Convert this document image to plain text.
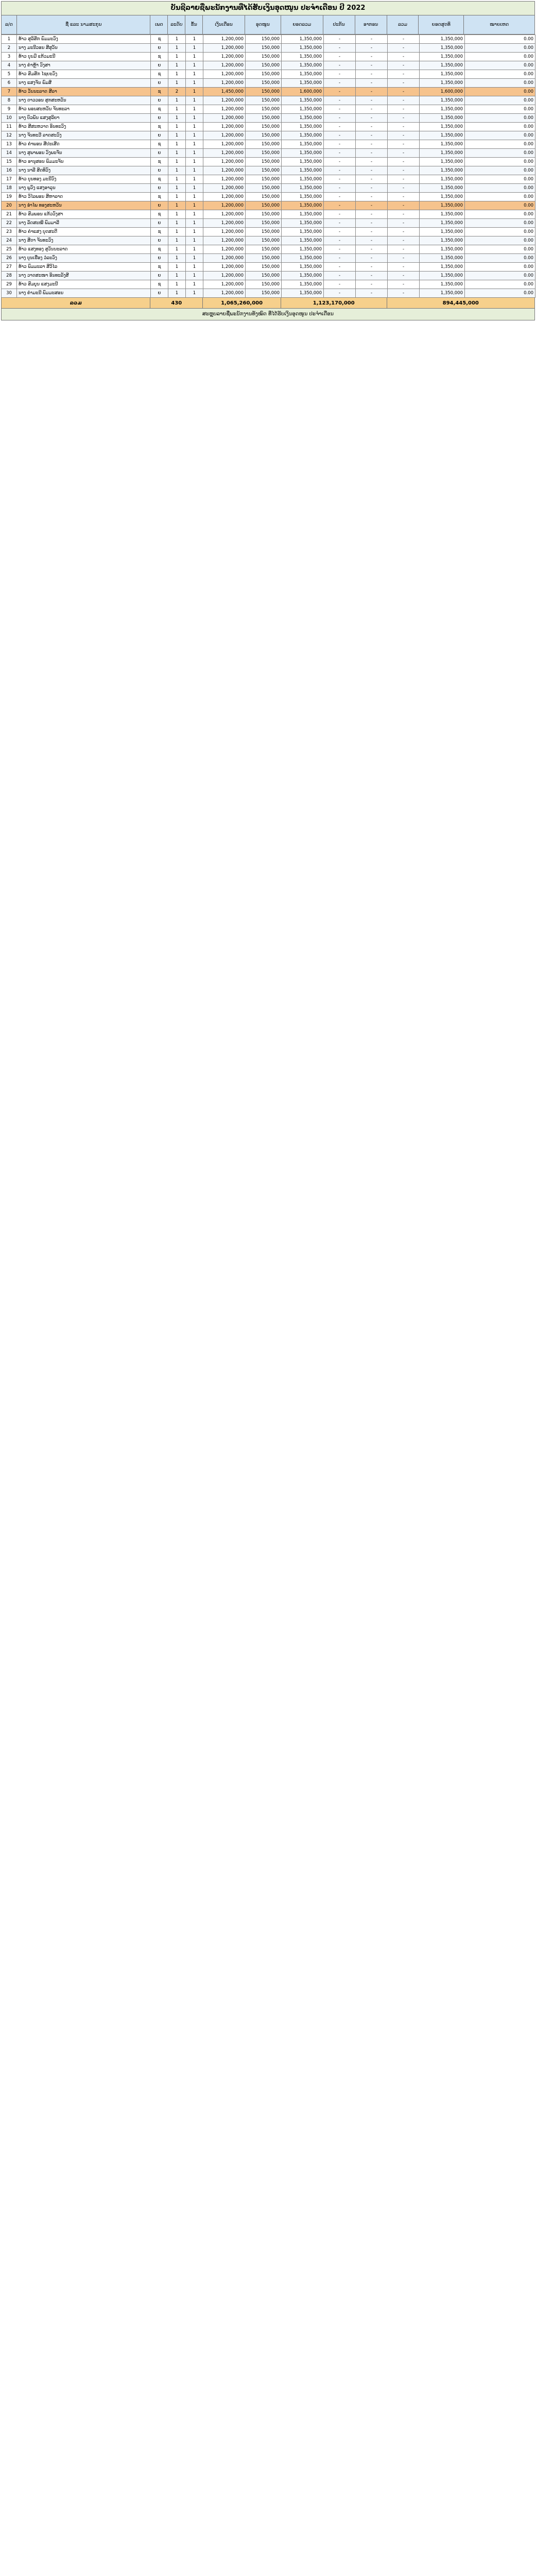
ບັນຊີລາຍຊື່ພະນັກງານທີ່ໄດ້ຮັບເງິນອຸດໜູນ ປະຈຳເດືອນ ປີ 2022
ລ/ດ	ຊື່ ແລະ ນາມສະກຸນ	ເພດ	ລະດັບ	ຂັ້ນ	ເງິນເດືອນ	ອຸດໜູນ	ຍອດລວມ	ປະກັນ	ອາກອນ	ລວມ	ຍອດສຸດທິ	ໝາຍເຫດ
1	ທ້າວ ສຸລິສັກ ພົມມະວົງ	ຊ	1	1	1,200,000	150,000	1,350,000	-	-	-	1,350,000	0.00
2	ນາງ ມະນີວອນ ສີສຸວັນ	ຍ	1	1	1,200,000	150,000	1,350,000	-	-	-	1,350,000	0.00
3	ທ້າວ ບຸນມີ ແກ້ວມະນີ	ຊ	1	1	1,200,000	150,000	1,350,000	-	-	-	1,350,000	0.00
4	ນາງ ຄຳຫຼ້າ ວົງສາ	ຍ	1	1	1,200,000	150,000	1,350,000	-	-	-	1,350,000	0.00
5	ທ້າວ ສົມສັກ ໄຊຍະວົງ	ຊ	1	1	1,200,000	150,000	1,350,000	-	-	-	1,350,000	0.00
6	ນາງ ແສງຈັນ ພົມສີ	ຍ	1	1	1,200,000	150,000	1,350,000	-	-	-	1,350,000	0.00
7	ທ້າວ ວັນນະລາດ ສີລາ	ຊ	2	1	1,450,000	150,000	1,600,000	-	-	-	1,600,000	0.00
8	ນາງ ດາວວອນ ສຸກສະຫວັນ	ຍ	1	1	1,200,000	150,000	1,350,000	-	-	-	1,350,000	0.00
9	ທ້າວ ພອນສະຫວັນ ຈັນທະລາ	ຊ	1	1	1,200,000	150,000	1,350,000	-	-	-	1,350,000	0.00
10	ນາງ ບົວພັນ ແສງສຸລິຍາ	ຍ	1	1	1,200,000	150,000	1,350,000	-	-	-	1,350,000	0.00
11	ທ້າວ ສີສະຫວາດ ອິນທະວົງ	ຊ	1	1	1,200,000	150,000	1,350,000	-	-	-	1,350,000	0.00
12	ນາງ ຈັນທະວີ ລາດສະວົງ	ຍ	1	1	1,200,000	150,000	1,350,000	-	-	-	1,350,000	0.00
13	ທ້າວ ຄຳພອນ ສີປະເສີດ	ຊ	1	1	1,200,000	150,000	1,350,000	-	-	-	1,350,000	0.00
14	ນາງ ສຸພາພອນ ວົງພະຈັນ	ຍ	1	1	1,200,000	150,000	1,350,000	-	-	-	1,350,000	0.00
15	ທ້າວ ອານຸສອນ ພົມມະຈັນ	ຊ	1	1	1,200,000	150,000	1,350,000	-	-	-	1,350,000	0.00
16	ນາງ ນາລີ ສິດທິວົງ	ຍ	1	1	1,200,000	150,000	1,350,000	-	-	-	1,350,000	0.00
17	ທ້າວ ບຸນທອງ ມະນີວົງ	ຊ	1	1	1,200,000	150,000	1,350,000	-	-	-	1,350,000	0.00
18	ນາງ ພູວົງ ແສງອາລຸນ	ຍ	1	1	1,200,000	150,000	1,350,000	-	-	-	1,350,000	0.00
19	ທ້າວ ວິໄລພອນ ສີຫາລາດ	ຊ	1	1	1,200,000	150,000	1,350,000	-	-	-	1,350,000	0.00
20	ນາງ ອຳໄພ ທອງສະຫວັນ	ຍ	1	1	1,200,000	150,000	1,350,000	-	-	-	1,350,000	0.00
21	ທ້າວ ສົມພອນ ແກ້ວວົງສາ	ຊ	1	1	1,200,000	150,000	1,350,000	-	-	-	1,350,000	0.00
22	ນາງ ລັດສະໝີ ພົມມາລີ	ຍ	1	1	1,200,000	150,000	1,350,000	-	-	-	1,350,000	0.00
23	ທ້າວ ຄຳແສງ ບຸດສະດີ	ຊ	1	1	1,200,000	150,000	1,350,000	-	-	-	1,350,000	0.00
24	ນາງ ສີດາ ຈັນທະວົງ	ຍ	1	1	1,200,000	150,000	1,350,000	-	-	-	1,350,000	0.00
25	ທ້າວ ແສງທອງ ສຸວັນນະລາດ	ຊ	1	1	1,200,000	150,000	1,350,000	-	-	-	1,350,000	0.00
26	ນາງ ບຸນເຮືອງ ວໍລະວົງ	ຍ	1	1	1,200,000	150,000	1,350,000	-	-	-	1,350,000	0.00
27	ທ້າວ ພົມມະລາ ສີວິໄລ	ຊ	1	1	1,200,000	150,000	1,350,000	-	-	-	1,350,000	0.00
28	ນາງ ວາດສະໜາ ອິນທະລັງສີ	ຍ	1	1	1,200,000	150,000	1,350,000	-	-	-	1,350,000	0.00
29	ທ້າວ ສົມບູນ ແສງມະນີ	ຊ	1	1	1,200,000	150,000	1,350,000	-	-	-	1,350,000	0.00
30	ນາງ ຄຳມະນີ ພົມມະສອນ	ຍ	1	1	1,200,000	150,000	1,350,000	-	-	-	1,350,000	0.00
ລວມ	430	1,065,260,000	1,123,170,000	894,445,000
ສະຫຼຸບລາຍຊື່ພະນັກງານທັງໝົດ ທີ່ໄດ້ຮັບເງິນອຸດໜູນ ປະຈຳເດືອນ
